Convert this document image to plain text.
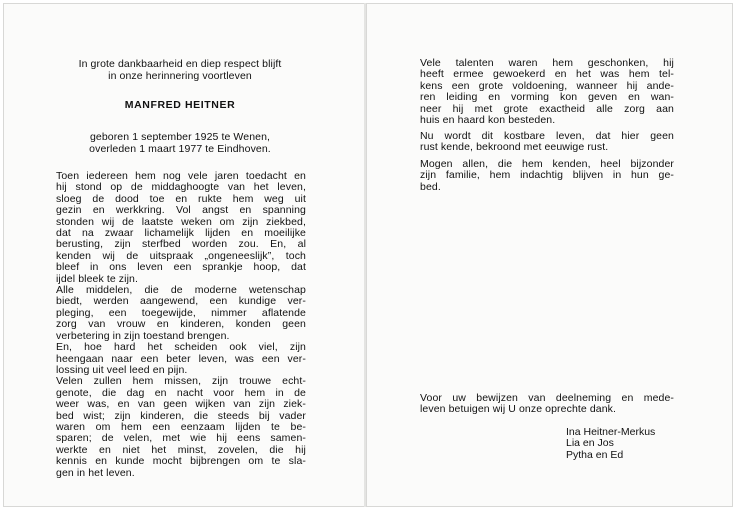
In grote dankbaarheid en diep respect blijft
in onze herinnering voortleven
MANFRED HEITNER
geboren 1 september 1925 te Wenen,
overleden 1 maart 1977 te Eindhoven.
Toen iedereen hem nog vele jaren toedacht en
hij stond op de middaghoogte van het leven,
sloeg de dood toe en rukte hem weg uit
gezin en werkkring. Vol angst en spanning
stonden wij de laatste weken om zijn ziekbed,
dat na zwaar lichamelijk lijden en moeilijke
berusting, zijn sterfbed worden zou. En, al
kenden wij de uitspraak „ongeneeslijk”, toch
bleef in ons leven een sprankje hoop, dat
ijdel bleek te zijn.
Alle middelen, die de moderne wetenschap
biedt, werden aangewend, een kundige ver-
pleging, een toegewijde, nimmer aflatende
zorg van vrouw en kinderen, konden geen
verbetering in zijn toestand brengen.
En, hoe hard het scheiden ook viel, zijn
heengaan naar een beter leven, was een ver-
lossing uit veel leed en pijn.
Velen zullen hem missen, zijn trouwe echt-
genote, die dag en nacht voor hem in de
weer was, en van geen wijken van zijn ziek-
bed wist; zijn kinderen, die steeds bij vader
waren om hem een eenzaam lijden te be-
sparen; de velen, met wie hij eens samen-
werkte en niet het minst, zovelen, die hij
kennis en kunde mocht bijbrengen om te sla-
gen in het leven.
Vele talenten waren hem geschonken, hij
heeft ermee gewoekerd en het was hem tel-
kens een grote voldoening, wanneer hij ande-
ren leiding en vorming kon geven en wan-
neer hij met grote exactheid alle zorg aan
huis en haard kon besteden.
Nu wordt dit kostbare leven, dat hier geen
rust kende, bekroond met eeuwige rust.
Mogen allen, die hem kenden, heel bijzonder
zijn familie, hem indachtig blijven in hun ge-
bed.
Voor uw bewijzen van deelneming en mede-
leven betuigen wij U onze oprechte dank.
Ina Heitner-Merkus
Lia en Jos
Pytha en Ed
